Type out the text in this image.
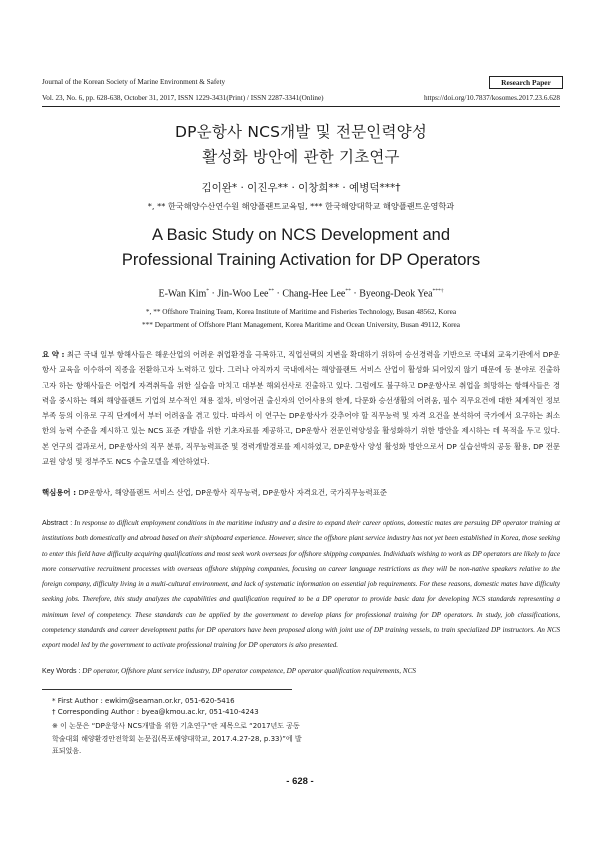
Journal of the Korean Society of Marine Environment & Safety	Research Paper
Vol. 23, No. 6, pp. 628-638, October 31, 2017, ISSN 1229-3431(Print) / ISSN 2287-3341(Online)	https://doi.org/10.7837/kosomes.2017.23.6.628
DP운항사 NCS개발 및 전문인력양성
활성화 방안에 관한 기초연구
김이완* · 이진우** · 이창희** · 예병덕***†
*, ** 한국해양수산연수원 해양플랜트교육팀, *** 한국해양대학교 해양플랜트운영학과
A Basic Study on NCS Development and
Professional Training Activation for DP Operators
E-Wan Kim* · Jin-Woo Lee** · Chang-Hee Lee** · Byeong-Deok Yea***†
*, ** Offshore Training Team, Korea Institute of Maritime and Fisheries Technology, Busan 48562, Korea
*** Department of Offshore Plant Management, Korea Maritime and Ocean University, Busan 49112, Korea
요 약 : 최근 국내 일부 항해사들은 해운산업의 어려운 취업환경을 극복하고, 직업선택의 지변을 확대하기 위하여 승선경력을 기반으로 국내외 교육기관에서 DP운항사 교육을 이수하여 직종을 전환하고자 노력하고 있다. 그러나 아직까지 국내에서는 해양플랜트 서비스 산업이 활성화 되어있지 않기 때문에 동 분야로 진출하고자 하는 항해사들은 어렵게 자격취득을 위한 실습을 마치고 대부분 해외선사로 진출하고 있다. 그럼에도 불구하고 DP운항사로 취업을 희망하는 항해사들은 경력을 중시하는 해외 해양플랜트 기업의 보수적인 채용 절차, 비영어권 출신자의 언어사용의 한계, 다문화 승선생활의 어려움, 필수 직무요건에 대한 체계적인 정보 부족 등의 이유로 구직 단계에서 부터 어려움을 겪고 있다. 따라서 이 연구는 DP운항사가 갖추어야 할 직무능력 및 자격 요건을 분석하여 국가에서 요구하는 최소한의 능력 수준을 제시하고 있는 NCS 표준 개발을 위한 기초자료를 제공하고, DP운항사 전문인력양성을 활성화하기 위한 방안을 제시하는 데 목적을 두고 있다. 본 연구의 결과로서, DP운항사의 직무 분류, 직무능력표준 및 경력개발경로를 제시하였고, DP운항사 양성 활성화 방안으로서 DP 실습선박의 공동 활용, DP 전문 교원 양성 및 정부주도 NCS 수출모델을 제안하였다.
핵심용어 : DP운항사, 해양플랜트 서비스 산업, DP운항사 직무능력, DP운항사 자격요건, 국가직무능력표준
Abstract : In response to difficult employment conditions in the maritime industry and a desire to expand their career options, domestic mates are persuing DP operator training at institutions both domestically and abroad based on their shipboard experience. However, since the offshore plant service industry has not yet been established in Korea, those seeking to enter this field have difficulty acquiring qualifications and most seek work overseas for offshore shipping companies. Individuals wishing to work as DP operators are likely to face more conservative recruitment processes with overseas offshore shipping companies, focusing on career language restrictions as they will be non-native speakers relative to the foreign company, difficulty living in a multi-cultural environment, and lack of systematic information on essential job requirements. For these reasons, domestic mates have difficulty seeking jobs. Therefore, this study analyzes the capabilities and qualification required to be a DP operator to provide basic data for developing NCS standards representing a minimum level of competency. These standards can be applied by the government to develop plans for professional training for DP operators. In study, job classifications, competency standards and career development paths for DP operators have been proposed along with joint use of DP training vessels, to train specialized DP instructors. An NCS export model led by the government to activate professional training for DP operators is also presented.
Key Words : DP operator, Offshore plant service industry, DP operator competence, DP operator qualification requirements, NCS
* First Author : ewkim@seaman.or.kr, 051-620-5416
† Corresponding Author : byea@kmou.ac.kr, 051-410-4243
※ 이 논문은 “DP운항사 NCS개발을 위한 기초연구”란 제목으로 “2017년도 공동학술대회 해양환경안전학회 논문집(목포해양대학교, 2017.4.27-28, p.33)”에 발표되었음.
- 628 -
